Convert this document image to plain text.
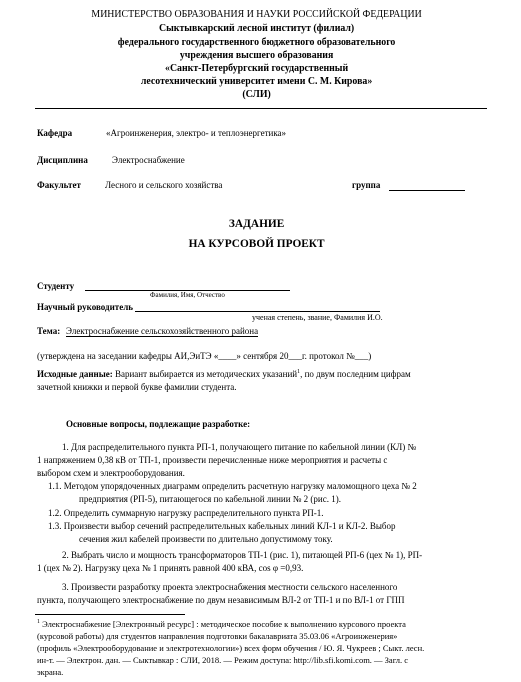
МИНИСТЕРСТВО ОБРАЗОВАНИЯ И НАУКИ РОССИЙСКОЙ ФЕДЕРАЦИИ
Сыктывкарский лесной институт (филиал)
федерального государственного бюджетного образовательного
учреждения высшего образования
«Санкт-Петербургский государственный
лесотехнический университет имени С. М. Кирова»
(СЛИ)
Кафедра	«Агроинженерия, электро- и теплоэнергетика»
Дисциплина	Электроснабжение
Факультет	Лесного и сельского хозяйства	группа
ЗАДАНИЕ
НА КУРСОВОЙ ПРОЕКТ
Студенту
Фамилия, Имя, Отчество
Научный руководитель
ученая степень, звание, Фамилия И.О.
Тема: Электроснабжение сельскохозяйственного района
(утверждена на заседании кафедры АИ,ЭиТЭ «____» сентября 20___г. протокол №___)
Исходные данные: Вариант выбирается из методических указаний$^1$, по двум последним цифрам
зачетной книжки и первой букве фамилии студента.
Основные вопросы, подлежащие разработке:
1. Для распределительного пункта РП-1, получающего питание по кабельной линии (КЛ) №
1 напряжением 0,38 кВ от ТП-1, произвести перечисленные ниже мероприятия и расчеты с
выбором схем и электрооборудования.
1.1. Методом упорядоченных диаграмм определить расчетную нагрузку маломощного цеха № 2
предприятия (РП-5), питающегося по кабельной линии № 2 (рис. 1).
1.2. Определить суммарную нагрузку распределительного пункта РП-1.
1.3. Произвести выбор сечений распределительных кабельных линий КЛ-1 и КЛ-2. Выбор
сечения жил кабелей произвести по длительно допустимому току.
2. Выбрать число и мощность трансформаторов ТП-1 (рис. 1), питающей РП-6 (цех № 1), РП-
1 (цех № 2). Нагрузку цеха № 1 принять равной 400 кВА, cos φ =0,93.
3. Произвести разработку проекта электроснабжения местности сельского населенного
пункта, получающего электроснабжение по двум независимым ВЛ-2 от ТП-1 и по ВЛ-1 от ГПП
$^1$ Электроснабжение [Электронный ресурс] : методическое пособие к выполнению курсового проекта
(курсовой работы) для студентов направления подготовки бакалавриата 35.03.06 «Агроинженерия»
(профиль «Электрооборудование и электротехнологии») всех форм обучения / Ю. Я. Чукреев ; Сыкт. лесн.
ин-т. — Электрон. дан. — Сыктывкар : СЛИ, 2018. — Режим доступа: http://lib.sfi.komi.com. — Загл. с
экрана.
